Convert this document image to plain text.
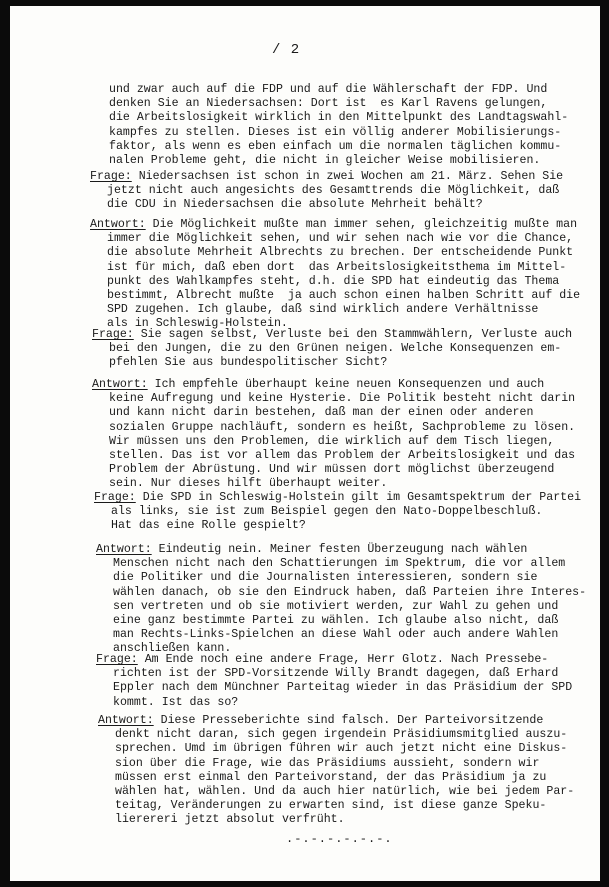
/ 2
und zwar auch auf die FDP und auf die Wählerschaft der FDP. Und
denken Sie an Niedersachsen: Dort ist  es Karl Ravens gelungen,
die Arbeitslosigkeit wirklich in den Mittelpunkt des Landtagswahl-
kampfes zu stellen. Dieses ist ein völlig anderer Mobilisierungs-
faktor, als wenn es eben einfach um die normalen täglichen kommu-
nalen Probleme geht, die nicht in gleicher Weise mobilisieren.
Frage: Niedersachsen ist schon in zwei Wochen am 21. März. Sehen Sie
jetzt nicht auch angesichts des Gesamttrends die Möglichkeit, daß
die CDU in Niedersachsen die absolute Mehrheit behält?
Antwort: Die Möglichkeit mußte man immer sehen, gleichzeitig mußte man
immer die Möglichkeit sehen, und wir sehen nach wie vor die Chance,
die absolute Mehrheit Albrechts zu brechen. Der entscheidende Punkt
ist für mich, daß eben dort  das Arbeitslosigkeitsthema im Mittel-
punkt des Wahlkampfes steht, d.h. die SPD hat eindeutig das Thema
bestimmt, Albrecht mußte  ja auch schon einen halben Schritt auf die
SPD zugehen. Ich glaube, daß sind wirklich andere Verhältnisse
als in Schleswig-Holstein.
Frage: Sie sagen selbst, Verluste bei den Stammwählern, Verluste auch
bei den Jungen, die zu den Grünen neigen. Welche Konsequenzen em-
pfehlen Sie aus bundespolitischer Sicht?
Antwort: Ich empfehle überhaupt keine neuen Konsequenzen und auch
keine Aufregung und keine Hysterie. Die Politik besteht nicht darin
und kann nicht darin bestehen, daß man der einen oder anderen
sozialen Gruppe nachläuft, sondern es heißt, Sachprobleme zu lösen.
Wir müssen uns den Problemen, die wirklich auf dem Tisch liegen,
stellen. Das ist vor allem das Problem der Arbeitslosigkeit und das
Problem der Abrüstung. Und wir müssen dort möglichst überzeugend
sein. Nur dieses hilft überhaupt weiter.
Frage: Die SPD in Schleswig-Holstein gilt im Gesamtspektrum der Partei
als links, sie ist zum Beispiel gegen den Nato-Doppelbeschluß.
Hat das eine Rolle gespielt?
Antwort: Eindeutig nein. Meiner festen Überzeugung nach wählen
Menschen nicht nach den Schattierungen im Spektrum, die vor allem
die Politiker und die Journalisten interessieren, sondern sie
wählen danach, ob sie den Eindruck haben, daß Parteien ihre Interes-
sen vertreten und ob sie motiviert werden, zur Wahl zu gehen und
eine ganz bestimmte Partei zu wählen. Ich glaube also nicht, daß
man Rechts-Links-Spielchen an diese Wahl oder auch andere Wahlen
anschließen kann.
Frage: Am Ende noch eine andere Frage, Herr Glotz. Nach Pressebe-
richten ist der SPD-Vorsitzende Willy Brandt dagegen, daß Erhard
Eppler nach dem Münchner Parteitag wieder in das Präsidium der SPD
kommt. Ist das so?
Antwort: Diese Presseberichte sind falsch. Der Parteivorsitzende
denkt nicht daran, sich gegen irgendein Präsidiumsmitglied auszu-
sprechen. Umd im übrigen führen wir auch jetzt nicht eine Diskus-
sion über die Frage, wie das Präsidiums aussieht, sondern wir
müssen erst einmal den Parteivorstand, der das Präsidium ja zu
wählen hat, wählen. Und da auch hier natürlich, wie bei jedem Par-
teitag, Veränderungen zu erwarten sind, ist diese ganze Speku-
lierereri jetzt absolut verfrüht.
.-.-.-.-.-.-.
